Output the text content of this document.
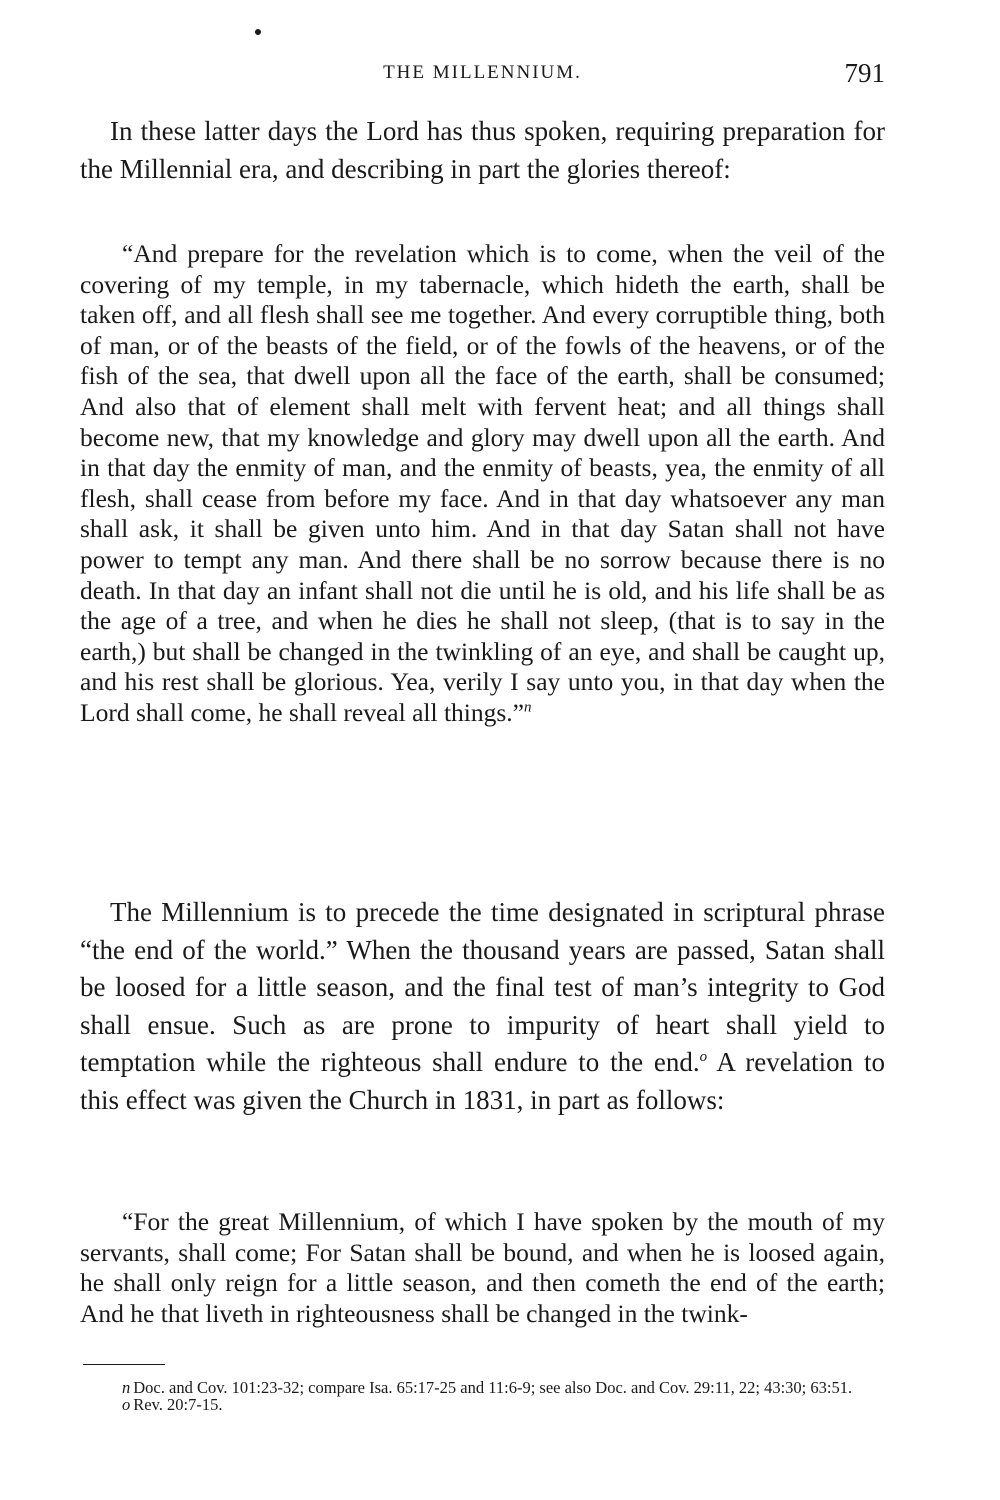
THE MILLENNIUM.	791

In these latter days the Lord has thus spoken, requiring preparation for the Millennial era, and describing in part the glories thereof:

“And prepare for the revelation which is to come, when the veil of the covering of my temple, in my tabernacle, which hideth the earth, shall be taken off, and all flesh shall see me together. And every corruptible thing, both of man, or of the beasts of the field, or of the fowls of the heavens, or of the fish of the sea, that dwell upon all the face of the earth, shall be consumed; And also that of element shall melt with fervent heat; and all things shall become new, that my knowledge and glory may dwell upon all the earth. And in that day the enmity of man, and the enmity of beasts, yea, the enmity of all flesh, shall cease from before my face. And in that day whatsoever any man shall ask, it shall be given unto him. And in that day Satan shall not have power to tempt any man. And there shall be no sorrow because there is no death. In that day an infant shall not die until he is old, and his life shall be as the age of a tree, and when he dies he shall not sleep, (that is to say in the earth,) but shall be changed in the twinkling of an eye, and shall be caught up, and his rest shall be glorious. Yea, verily I say unto you, in that day when the Lord shall come, he shall reveal all things.”$^n$

The Millennium is to precede the time designated in scriptural phrase “the end of the world.” When the thousand years are passed, Satan shall be loosed for a little season, and the final test of man’s integrity to God shall ensue. Such as are prone to impurity of heart shall yield to temptation while the righteous shall endure to the end.$^o$ A revelation to this effect was given the Church in 1831, in part as follows:

“For the great Millennium, of which I have spoken by the mouth of my servants, shall come; For Satan shall be bound, and when he is loosed again, he shall only reign for a little season, and then cometh the end of the earth; And he that liveth in righteousness shall be changed in the twink-

n Doc. and Cov. 101:23-32; compare Isa. 65:17-25 and 11:6-9; see also Doc. and Cov. 29:11, 22; 43:30; 63:51.

o Rev. 20:7-15.
